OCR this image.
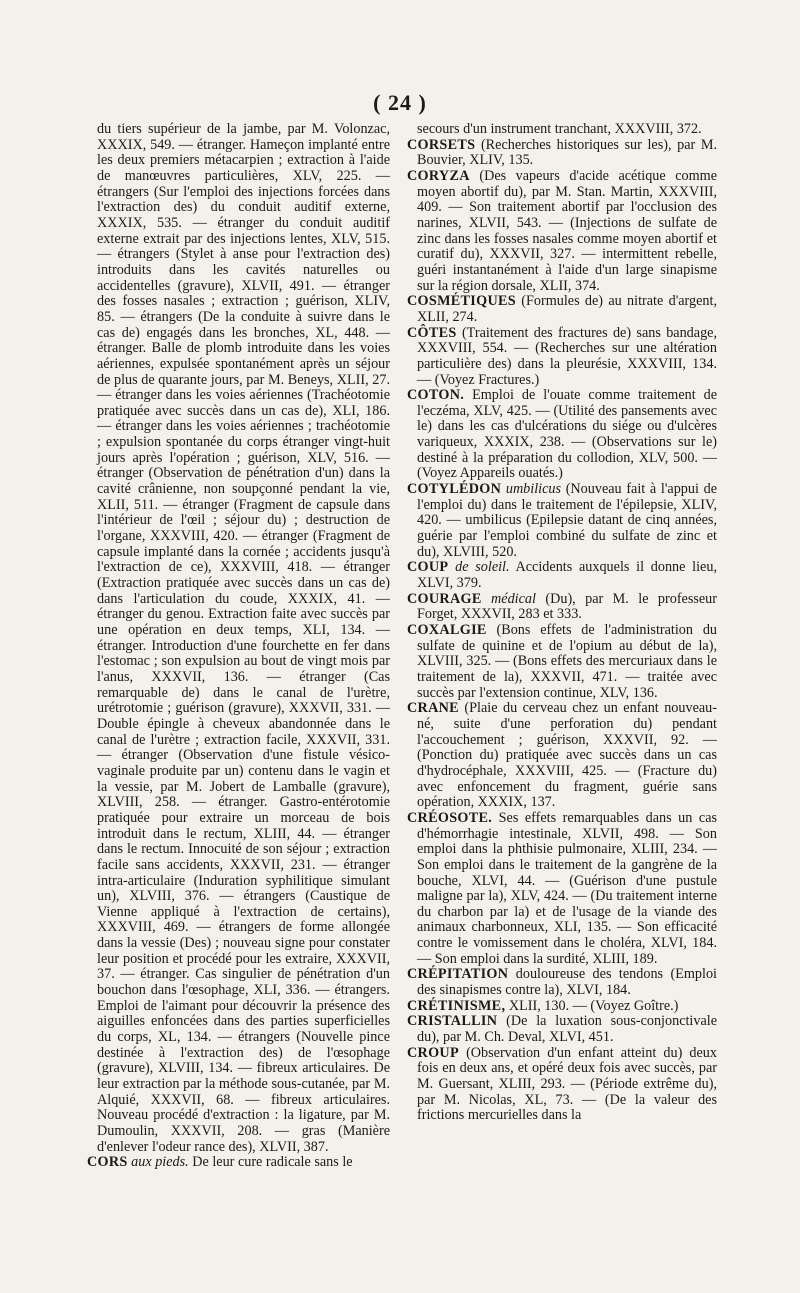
( 24 )

du tiers supérieur de la jambe, par M. Volonzac, XXXIX, 549. — étranger. Hameçon implanté entre les deux premiers métacarpien ; extraction à l'aide de manœuvres particulières, XLV, 225. — étrangers (Sur l'emploi des injections forcées dans l'extraction des) du conduit auditif externe, XXXIX, 535. — étranger du conduit auditif externe extrait par des injections lentes, XLV, 515. — étrangers (Stylet à anse pour l'extraction des) introduits dans les cavités naturelles ou accidentelles (gravure), XLVII, 491. — étranger des fosses nasales ; extraction ; guérison, XLIV, 85. — étrangers (De la conduite à suivre dans le cas de) engagés dans les bronches, XL, 448. — étranger. Balle de plomb introduite dans les voies aériennes, expulsée spontanément après un séjour de plus de quarante jours, par M. Beneys, XLII, 27. — étranger dans les voies aériennes (Trachéotomie pratiquée avec succès dans un cas de), XLI, 186. — étranger dans les voies aériennes ; trachéotomie ; expulsion spontanée du corps étranger vingt-huit jours après l'opération ; guérison, XLV, 516. — étranger (Observation de pénétration d'un) dans la cavité crânienne, non soupçonné pendant la vie, XLII, 511. — étranger (Fragment de capsule dans l'intérieur de l'œil ; séjour du) ; destruction de l'organe, XXXVIII, 420. — étranger (Fragment de capsule implanté dans la cornée ; accidents jusqu'à l'extraction de ce), XXXVIII, 418. — étranger (Extraction pratiquée avec succès dans un cas de) dans l'articulation du coude, XXXIX, 41. — étranger du genou. Extraction faite avec succès par une opération en deux temps, XLI, 134. — étranger. Introduction d'une fourchette en fer dans l'estomac ; son expulsion au bout de vingt mois par l'anus, XXXVII, 136. — étranger (Cas remarquable de) dans le canal de l'urètre, urétrotomie ; guérison (gravure), XXXVII, 331. — Double épingle à cheveux abandonnée dans le canal de l'urètre ; extraction facile, XXXVII, 331. — étranger (Observation d'une fistule vésico-vaginale produite par un) contenu dans le vagin et la vessie, par M. Jobert de Lamballe (gravure), XLVIII, 258. — étranger. Gastro-entérotomie pratiquée pour extraire un morceau de bois introduit dans le rectum, XLIII, 44. — étranger dans le rectum. Innocuité de son séjour ; extraction facile sans accidents, XXXVII, 231. — étranger intra-articulaire (Induration syphilitique simulant un), XLVIII, 376. — étrangers (Caustique de Vienne appliqué à l'extraction de certains), XXXVIII, 469. — étrangers de forme allongée dans la vessie (Des) ; nouveau signe pour constater leur position et procédé pour les extraire, XXXVII, 37. — étranger. Cas singulier de pénétration d'un bouchon dans l'œsophage, XLI, 336. — étrangers. Emploi de l'aimant pour découvrir la présence des aiguilles enfoncées dans des parties superficielles du corps, XL, 134. — étrangers (Nouvelle pince destinée à l'extraction des) de l'œsophage (gravure), XLVIII, 134. — fibreux articulaires. De leur extraction par la méthode sous-cutanée, par M. Alquié, XXXVII, 68. — fibreux articulaires. Nouveau procédé d'extraction : la ligature, par M. Dumoulin, XXXVII, 208. — gras (Manière d'enlever l'odeur rance des), XLVII, 387.

CORS aux pieds. De leur cure radicale sans le

secours d'un instrument tranchant, XXXVIII, 372.

CORSETS (Recherches historiques sur les), par M. Bouvier, XLIV, 135.

CORYZA (Des vapeurs d'acide acétique comme moyen abortif du), par M. Stan. Martin, XXXVIII, 409. — Son traitement abortif par l'occlusion des narines, XLVII, 543. — (Injections de sulfate de zinc dans les fosses nasales comme moyen abortif et curatif du), XXXVII, 327. — intermittent rebelle, guéri instantanément à l'aide d'un large sinapisme sur la région dorsale, XLII, 374.

COSMÉTIQUES (Formules de) au nitrate d'argent, XLII, 274.

CÔTES (Traitement des fractures de) sans bandage, XXXVIII, 554. — (Recherches sur une altération particulière des) dans la pleurésie, XXXVIII, 134. — (Voyez Fractures.)

COTON. Emploi de l'ouate comme traitement de l'eczéma, XLV, 425. — (Utilité des pansements avec le) dans les cas d'ulcérations du siége ou d'ulcères variqueux, XXXIX, 238. — (Observations sur le) destiné à la préparation du collodion, XLV, 500. — (Voyez Appareils ouatés.)

COTYLÉDON umbilicus (Nouveau fait à l'appui de l'emploi du) dans le traitement de l'épilepsie, XLIV, 420. — umbilicus (Epilepsie datant de cinq années, guérie par l'emploi combiné du sulfate de zinc et du), XLVIII, 520.

COUP de soleil. Accidents auxquels il donne lieu, XLVI, 379.

COURAGE médical (Du), par M. le professeur Forget, XXXVII, 283 et 333.

COXALGIE (Bons effets de l'administration du sulfate de quinine et de l'opium au début de la), XLVIII, 325. — (Bons effets des mercuriaux dans le traitement de la), XXXVII, 471. — traitée avec succès par l'extension continue, XLV, 136.

CRANE (Plaie du cerveau chez un enfant nouveau-né, suite d'une perforation du) pendant l'accouchement ; guérison, XXXVII, 92. — (Ponction du) pratiquée avec succès dans un cas d'hydrocéphale, XXXVIII, 425. — (Fracture du) avec enfoncement du fragment, guérie sans opération, XXXIX, 137.

CRÉOSOTE. Ses effets remarquables dans un cas d'hémorrhagie intestinale, XLVII, 498. — Son emploi dans la phthisie pulmonaire, XLIII, 234. — Son emploi dans le traitement de la gangrène de la bouche, XLVI, 44. — (Guérison d'une pustule maligne par la), XLV, 424. — (Du traitement interne du charbon par la) et de l'usage de la viande des animaux charbonneux, XLI, 135. — Son efficacité contre le vomissement dans le choléra, XLVI, 184. — Son emploi dans la surdité, XLIII, 189.

CRÉPITATION douloureuse des tendons (Emploi des sinapismes contre la), XLVI, 184.

CRÉTINISME, XLII, 130. — (Voyez Goître.)

CRISTALLIN (De la luxation sous-conjonctivale du), par M. Ch. Deval, XLVI, 451.

CROUP (Observation d'un enfant atteint du) deux fois en deux ans, et opéré deux fois avec succès, par M. Guersant, XLIII, 293. — (Période extrême du), par M. Nicolas, XL, 73. — (De la valeur des frictions mercurielles dans la
